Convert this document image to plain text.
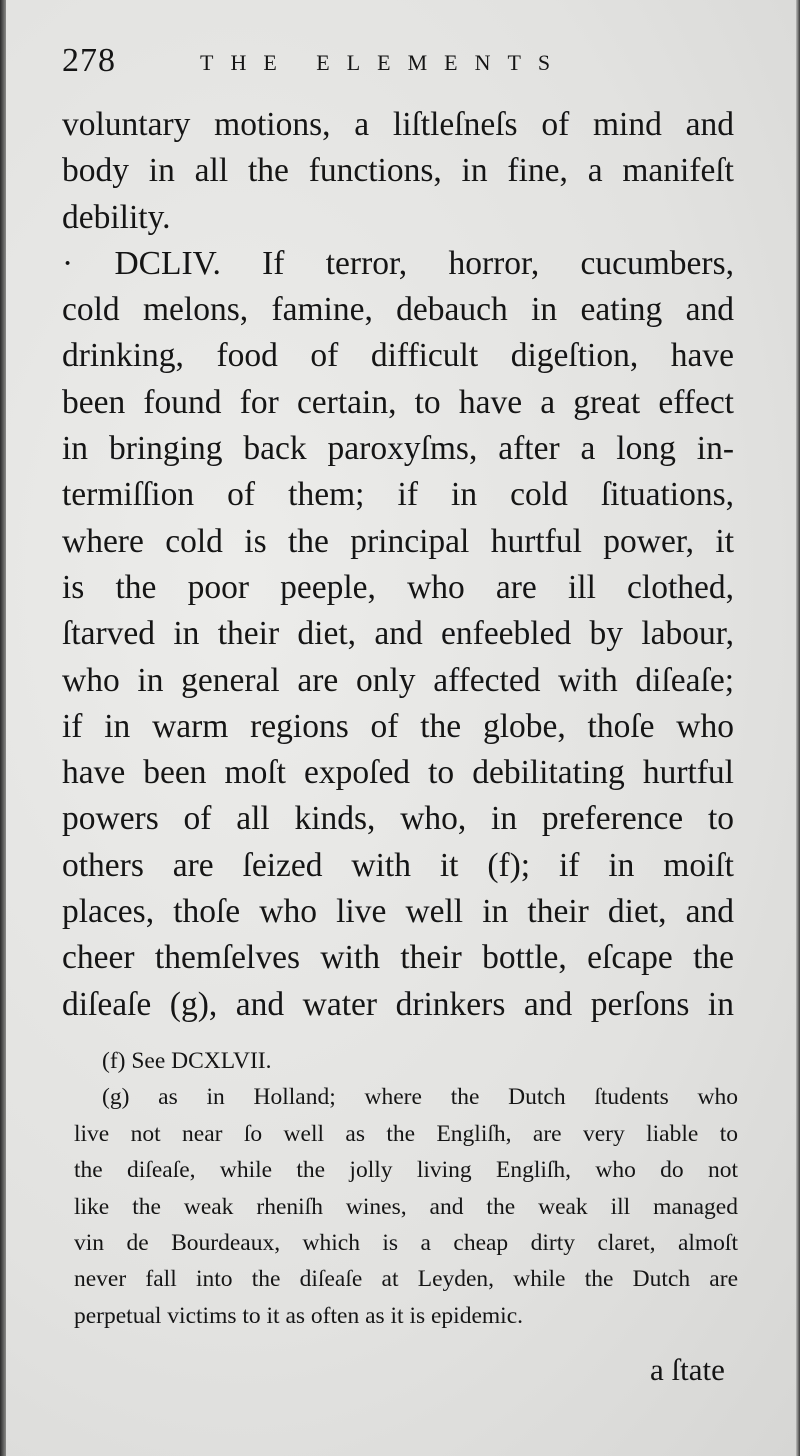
278	THE ELEMENTS
voluntary motions, a liſtleſneſs of mind and
body in all the functions, in fine, a manifeſt
debility.
· DCLIV. If terror, horror, cucumbers,
cold melons, famine, debauch in eating and
drinking, food of difficult digeſtion, have
been found for certain, to have a great effect
in bringing back paroxyſms, after a long in-
termiſſion of them; if in cold ſituations,
where cold is the principal hurtful power, it
is the poor peeple, who are ill clothed,
ſtarved in their diet, and enfeebled by labour,
who in general are only affected with diſeaſe;
if in warm regions of the globe, thoſe who
have been moſt expoſed to debilitating hurtful
powers of all kinds, who, in preference to
others are ſeized with it (f); if in moiſt
places, thoſe who live well in their diet, and
cheer themſelves with their bottle, eſcape the
diſeaſe (g), and water drinkers and perſons in
(f) See DCXLVII.
(g) as in Holland; where the Dutch ſtudents who
live not near ſo well as the Engliſh, are very liable to
the diſeaſe, while the jolly living Engliſh, who do not
like the weak rheniſh wines, and the weak ill managed
vin de Bourdeaux, which is a cheap dirty claret, almoſt
never fall into the diſeaſe at Leyden, while the Dutch are
perpetual victims to it as often as it is epidemic.
a ſtate
